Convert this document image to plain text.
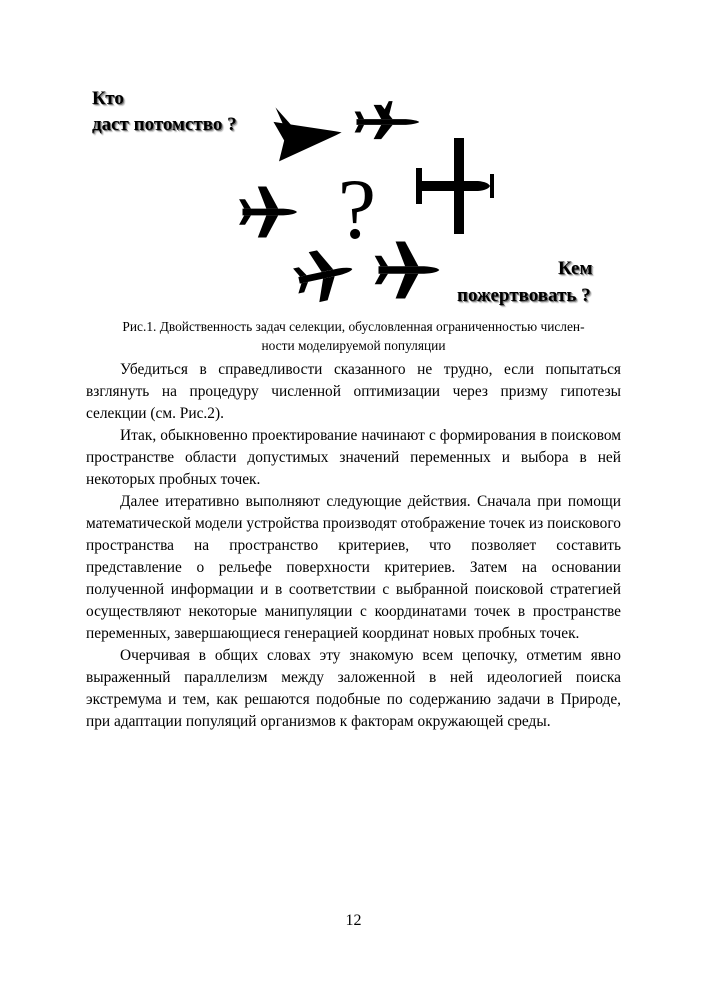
?
Кто
даст потомство ?
Кем
пожертвовать ?
Рис.1. Двойственность задач селекции, обусловленная ограниченностью числен-
ности моделируемой популяции

Убедиться в справедливости сказанного не трудно, если попытаться взглянуть на процедуру численной оптимизации через призму гипотезы селекции (см. Рис.2).

Итак, обыкновенно проектирование начинают с формирования в поисковом пространстве области допустимых значений переменных и выбора в ней некоторых пробных точек.

Далее итеративно выполняют следующие действия. Сначала при помощи математической модели устройства производят отображение точек из поискового пространства на пространство критериев, что позволяет составить представление о рельефе поверхности критериев. Затем на основании полученной информации и в соответствии с выбранной поисковой стратегией осуществляют некоторые манипуляции с координатами точек в пространстве переменных, завершающиеся генерацией координат новых пробных точек.

Очерчивая в общих словах эту знакомую всем цепочку, отметим явно выраженный параллелизм между заложенной в ней идеологией поиска экстремума и тем, как решаются подобные по содержанию задачи в Природе, при адаптации популяций организмов к факторам окружающей среды.

12
